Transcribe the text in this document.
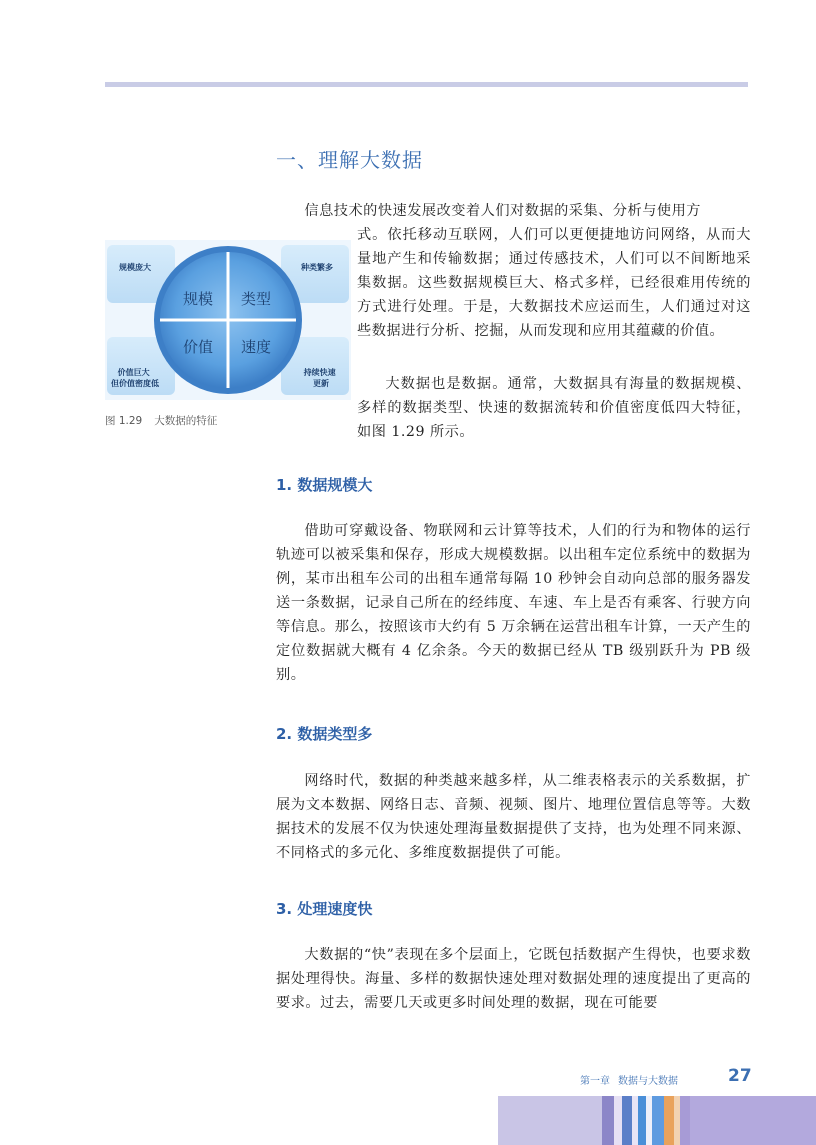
一、理解大数据

信息技术的快速发展改变着人们对数据的采集、分析与使用方

式。依托移动互联网，人们可以更便捷地访问网络，从而大量地产生和传输数据；通过传感技术，人们可以不间断地采集数据。这些数据规模巨大、格式多样，已经很难用传统的方式进行处理。于是，大数据技术应运而生，人们通过对这些数据进行分析、挖掘，从而发现和应用其蕴藏的价值。

大数据也是数据。通常，大数据具有海量的数据规模、多样的数据类型、快速的数据流转和价值密度低四大特征，如图 1.29 所示。

规模 类型
价值 速度
规模庞大	种类繁多
价值巨大 但价值密度低
持续快速 更新
图 1.29 大数据的特征
1. 数据规模大

借助可穿戴设备、物联网和云计算等技术，人们的行为和物体的运行轨迹可以被采集和保存，形成大规模数据。以出租车定位系统中的数据为例，某市出租车公司的出租车通常每隔 10 秒钟会自动向总部的服务器发送一条数据，记录自己所在的经纬度、车速、车上是否有乘客、行驶方向等信息。那么，按照该市大约有 5 万余辆在运营出租车计算，一天产生的定位数据就大概有 4 亿余条。今天的数据已经从 TB 级别跃升为 PB 级别。

2. 数据类型多

网络时代，数据的种类越来越多样，从二维表格表示的关系数据，扩展为文本数据、网络日志、音频、视频、图片、地理位置信息等等。大数据技术的发展不仅为快速处理海量数据提供了支持，也为处理不同来源、不同格式的多元化、多维度数据提供了可能。

3. 处理速度快

大数据的“快”表现在多个层面上，它既包括数据产生得快，也要求数据处理得快。海量、多样的数据快速处理对数据处理的速度提出了更高的要求。过去，需要几天或更多时间处理的数据，现在可能要

第一章 数据与大数据	27
